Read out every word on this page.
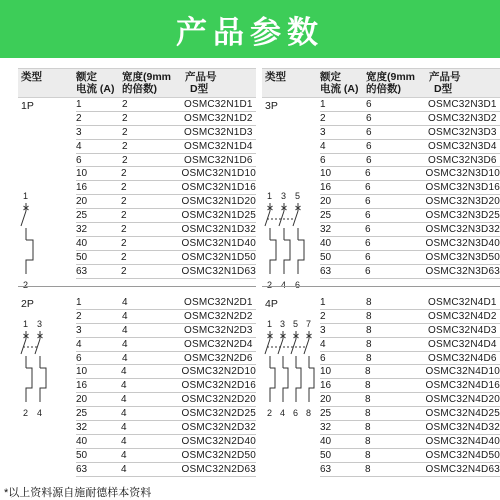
产品参数
类型	额定
电流 (A)
宽度(9mm
的倍数)
产品号
D型
1P
1
2
1	2	OSMC32N1D1
2	2	OSMC32N1D2
3	2	OSMC32N1D3
4	2	OSMC32N1D4
6	2	OSMC32N1D6
10	2	OSMC32N1D10
16	2	OSMC32N1D16
20	2	OSMC32N1D20
25	2	OSMC32N1D25
32	2	OSMC32N1D32
40	2	OSMC32N1D40
50	2	OSMC32N1D50
63	2	OSMC32N1D63
类型	额定
电流 (A)
宽度(9mm
的倍数)
产品号
D型
3P
1 3 5
2 4 6
1	6	OSMC32N3D1
2	6	OSMC32N3D2
3	6	OSMC32N3D3
4	6	OSMC32N3D4
6	6	OSMC32N3D6
10	6	OSMC32N3D10
16	6	OSMC32N3D16
20	6	OSMC32N3D20
25	6	OSMC32N3D25
32	6	OSMC32N3D32
40	6	OSMC32N3D40
50	6	OSMC32N3D50
63	6	OSMC32N3D63
2P
1 3
2 4
1	4	OSMC32N2D1
2	4	OSMC32N2D2
3	4	OSMC32N2D3
4	4	OSMC32N2D4
6	4	OSMC32N2D6
10	4	OSMC32N2D10
16	4	OSMC32N2D16
20	4	OSMC32N2D20
25	4	OSMC32N2D25
32	4	OSMC32N2D32
40	4	OSMC32N2D40
50	4	OSMC32N2D50
63	4	OSMC32N2D63
4P
1 3 5 7
2 4 6 8
1	8	OSMC32N4D1
2	8	OSMC32N4D2
3	8	OSMC32N4D3
4	8	OSMC32N4D4
6	8	OSMC32N4D6
10	8	OSMC32N4D10
16	8	OSMC32N4D16
20	8	OSMC32N4D20
25	8	OSMC32N4D25
32	8	OSMC32N4D32
40	8	OSMC32N4D40
50	8	OSMC32N4D50
63	8	OSMC32N4D63
*以上资料源自施耐德样本资料
